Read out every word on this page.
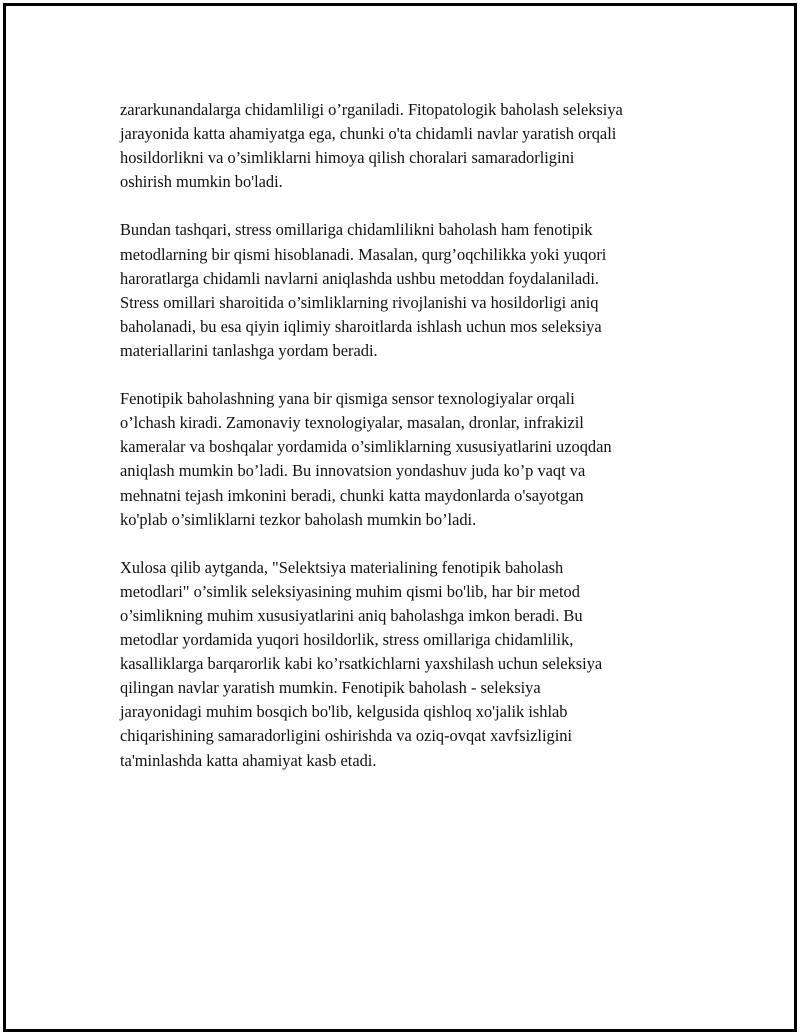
zararkunandalarga chidamliligi o’rganiladi. Fitopatologik baholash seleksiya
jarayonida katta ahamiyatga ega, chunki o'ta chidamli navlar yaratish orqali
hosildorlikni va o’simliklarni himoya qilish choralari samaradorligini
oshirish mumkin bo'ladi.

Bundan tashqari, stress omillariga chidamlilikni baholash ham fenotipik
metodlarning bir qismi hisoblanadi. Masalan, qurg’oqchilikka yoki yuqori
haroratlarga chidamli navlarni aniqlashda ushbu metoddan foydalaniladi.
Stress omillari sharoitida o’simliklarning rivojlanishi va hosildorligi aniq
baholanadi, bu esa qiyin iqlimiy sharoitlarda ishlash uchun mos seleksiya
materiallarini tanlashga yordam beradi.

Fenotipik baholashning yana bir qismiga sensor texnologiyalar orqali
o’lchash kiradi. Zamonaviy texnologiyalar, masalan, dronlar, infrakizil
kameralar va boshqalar yordamida o’simliklarning xususiyatlarini uzoqdan
aniqlash mumkin bo’ladi. Bu innovatsion yondashuv juda ko’p vaqt va
mehnatni tejash imkonini beradi, chunki katta maydonlarda o'sayotgan
ko'plab o’simliklarni tezkor baholash mumkin bo’ladi.

Xulosa qilib aytganda, "Selektsiya materialining fenotipik baholash
metodlari" o’simlik seleksiyasining muhim qismi bo'lib, har bir metod
o’simlikning muhim xususiyatlarini aniq baholashga imkon beradi. Bu
metodlar yordamida yuqori hosildorlik, stress omillariga chidamlilik,
kasalliklarga barqarorlik kabi ko’rsatkichlarni yaxshilash uchun seleksiya
qilingan navlar yaratish mumkin. Fenotipik baholash - seleksiya
jarayonidagi muhim bosqich bo'lib, kelgusida qishloq xo'jalik ishlab
chiqarishining samaradorligini oshirishda va oziq-ovqat xavfsizligini
ta'minlashda katta ahamiyat kasb etadi.
